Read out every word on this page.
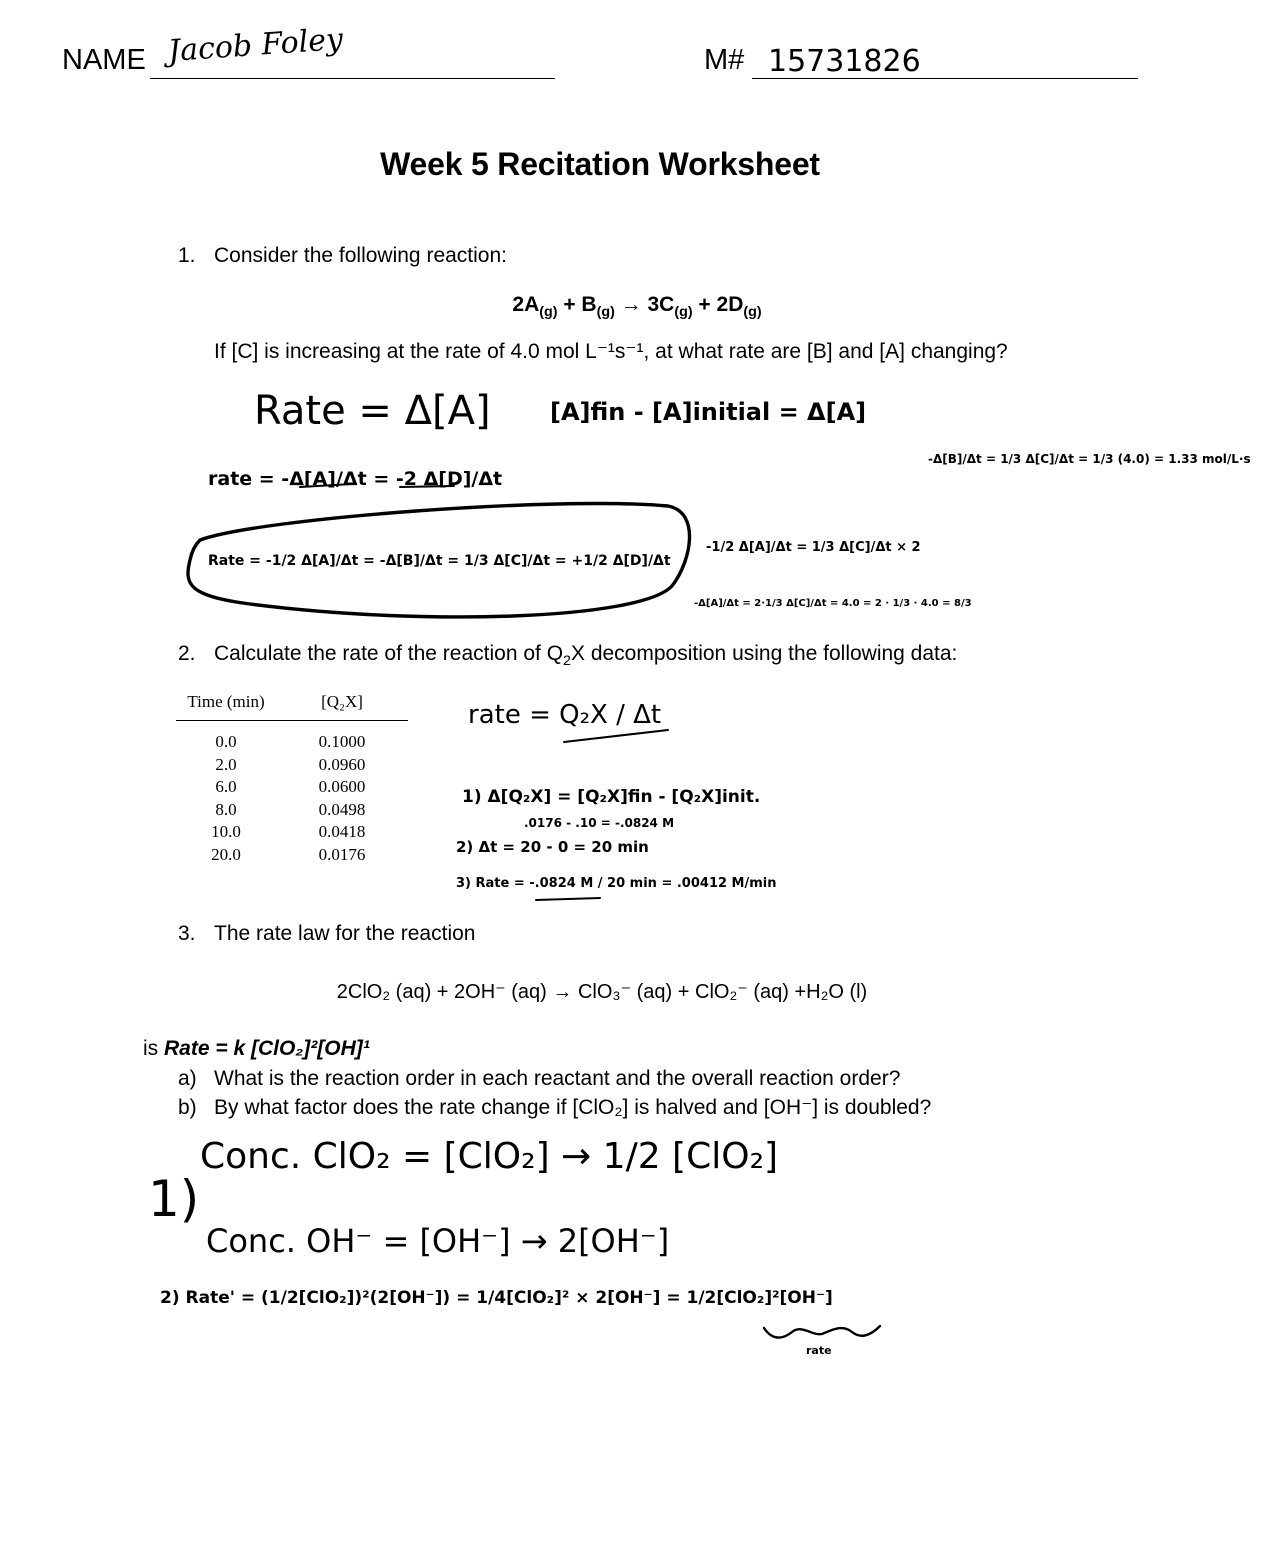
NAME Jacob Foley	M# 15731826
Week 5 Recitation Worksheet
1. Consider the following reaction:
$2A_{(g)} + B_{(g)} \to 3C_{(g)} + 2D_{(g)}$
If [C] is increasing at the rate of 4.0 mol L⁻¹s⁻¹, at what rate are [B] and [A] changing?
Rate = Δ[A] [A]fin - [A]initial = Δ[A]
rate = -Δ[A]/Δt = -2 Δ[D]/Δt
-Δ[B]/Δt = 1/3 Δ[C]/Δt = 1/3 (4.0) = 1.33 mol/L·s
Rate = -1/2 Δ[A]/Δt = -Δ[B]/Δt = 1/3 Δ[C]/Δt = +1/2 Δ[D]/Δt
-1/2 Δ[A]/Δt = 1/3 Δ[C]/Δt × 2
-Δ[A]/Δt = 2·1/3 Δ[C]/Δt = 4.0 = 2 · 1/3 · 4.0 = 8/3
2. Calculate the rate of the reaction of $Q_2X$ decomposition using the following data:
Time (min)	[Q₂X]

0.0	0.1000
2.0	0.0960
6.0	0.0600
8.0	0.0498
10.0	0.0418
20.0	0.0176
rate = Q₂X / Δt
1) Δ[Q₂X] = [Q₂X]fin - [Q₂X]init.
.0176 - .10 = -.0824 M
2) Δt = 20 - 0 = 20 min
3) Rate = -.0824 M / 20 min = .00412 M/min
3. The rate law for the reaction
2ClO₂ (aq) + 2OH⁻ (aq) → ClO₃⁻ (aq) + ClO₂⁻ (aq) +H₂O (l)
is Rate = k [ClO₂]²[OH]¹
a) What is the reaction order in each reactant and the overall reaction order?
b) By what factor does the rate change if [ClO₂] is halved and [OH⁻] is doubled?
1)
Conc. ClO₂ = [ClO₂] → 1/2 [ClO₂]
Conc. OH⁻ = [OH⁻] → 2[OH⁻]
2) Rate' = (1/2[ClO₂])²(2[OH⁻]) = 1/4[ClO₂]² × 2[OH⁻] = 1/2[ClO₂]²[OH⁻]
rate
